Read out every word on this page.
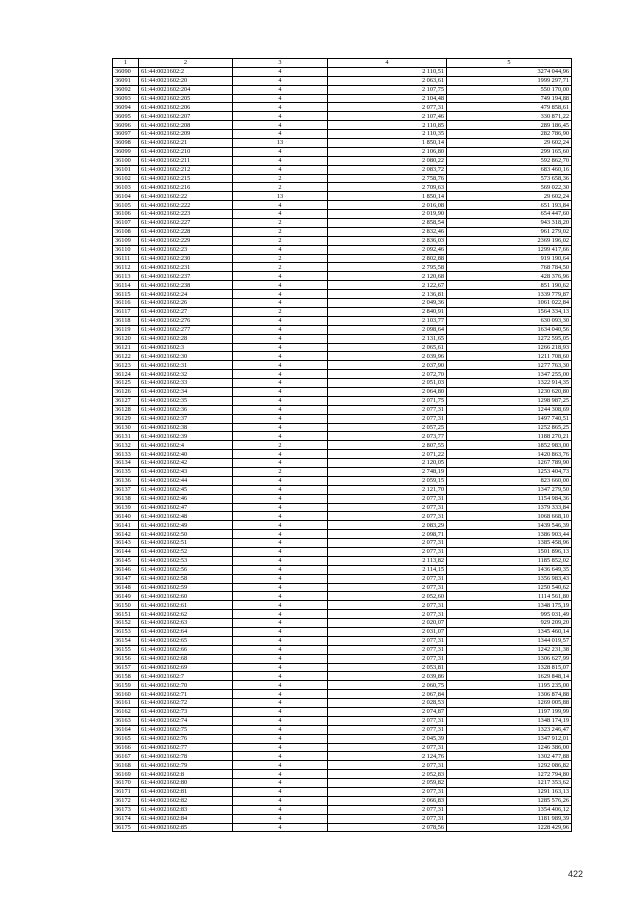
1	2	3	4	5
36090	61:44:0021602:2	4	2 110,51	3274 044,96
36091	61:44:0021602:20	4	2 063,61	1999 297,71
36092	61:44:0021602:204	4	2 107,75	550 170,00
36093	61:44:0021602:205	4	2 104,48	749 194,88
36094	61:44:0021602:206	4	2 077,31	479 858,61
36095	61:44:0021602:207	4	2 107,46	330 871,22
36096	61:44:0021602:208	4	2 110,85	289 186,45
36097	61:44:0021602:209	4	2 110,35	282 786,90
36098	61:44:0021602:21	13	1 850,14	29 602,24
36099	61:44:0021602:210	4	2 106,80	299 165,60
36100	61:44:0021602:211	4	2 080,22	592 862,70
36101	61:44:0021602:212	4	2 083,72	683 460,16
36102	61:44:0021602:215	2	2 758,76	573 658,36
36103	61:44:0021602:216	2	2 709,63	569 022,30
36104	61:44:0021602:22	13	1 850,14	29 602,24
36105	61:44:0021602:222	4	2 016,08	651 193,84
36106	61:44:0021602:223	4	2 019,90	654 447,60
36107	61:44:0021602:227	2	2 858,54	943 318,20
36108	61:44:0021602:228	2	2 832,46	961 279,02
36109	61:44:0021602:229	2	2 836,03	2369 196,02
36110	61:44:0021602:23	4	2 092,46	1299 417,66
36111	61:44:0021602:230	2	2 802,88	919 190,64
36112	61:44:0021602:231	2	2 795,58	768 784,50
36113	61:44:0021602:237	4	2 120,68	428 376,96
36114	61:44:0021602:238	4	2 122,67	851 190,62
36115	61:44:0021602:24	4	2 136,81	1339 779,87
36116	61:44:0021602:26	4	2 049,36	1061 022,84
36117	61:44:0021602:27	2	2 840,91	1564 334,13
36118	61:44:0021602:276	4	2 103,77	630 093,30
36119	61:44:0021602:277	4	2 098,64	1634 040,56
36120	61:44:0021602:28	4	2 131,65	1272 595,05
36121	61:44:0021602:3	4	2 065,61	1266 218,93
36122	61:44:0021602:30	4	2 039,96	1211 708,60
36123	61:44:0021602:31	4	2 037,90	1277 763,30
36124	61:44:0021602:32	4	2 072,70	1347 255,00
36125	61:44:0021602:33	4	2 051,03	1322 914,35
36126	61:44:0021602:34	4	2 064,80	1230 620,80
36127	61:44:0021602:35	4	2 071,75	1298 987,25
36128	61:44:0021602:36	4	2 077,31	1244 308,69
36129	61:44:0021602:37	4	2 077,31	1497 740,51
36130	61:44:0021602:38	4	2 057,25	1252 865,25
36131	61:44:0021602:39	4	2 073,77	1188 270,21
36132	61:44:0021602:4	2	2 807,55	1852 983,00
36133	61:44:0021602:40	4	2 071,22	1420 863,76
36134	61:44:0021602:42	4	2 120,05	1267 789,90
36135	61:44:0021602:43	2	2 748,19	1253 404,73
36136	61:44:0021602:44	4	2 059,15	823 660,00
36137	61:44:0021602:45	4	2 121,70	1347 279,50
36138	61:44:0021602:46	4	2 077,31	1154 984,36
36139	61:44:0021602:47	4	2 077,31	1379 333,84
36140	61:44:0021602:48	4	2 077,31	1068 668,10
36141	61:44:0021602:49	4	2 083,29	1439 546,39
36142	61:44:0021602:50	4	2 098,71	1386 903,44
36143	61:44:0021602:51	4	2 077,31	1385 458,96
36144	61:44:0021602:52	4	2 077,31	1501 896,13
36145	61:44:0021602:53	4	2 113,82	1185 852,02
36146	61:44:0021602:56	4	2 114,15	1436 649,35
36147	61:44:0021602:58	4	2 077,31	1356 983,43
36148	61:44:0021602:59	4	2 077,31	1250 540,62
36149	61:44:0021602:60	4	2 052,60	1114 561,80
36150	61:44:0021602:61	4	2 077,31	1348 175,19
36151	61:44:0021602:62	4	2 077,31	995 031,49
36152	61:44:0021602:63	4	2 020,07	929 209,20
36153	61:44:0021602:64	4	2 031,07	1345 460,14
36154	61:44:0021602:65	4	2 077,31	1344 019,57
36155	61:44:0021602:66	4	2 077,31	1242 231,38
36156	61:44:0021602:68	4	2 077,31	1306 627,99
36157	61:44:0021602:69	4	2 053,81	1328 815,07
36158	61:44:0021602:7	4	2 039,86	1629 848,14
36159	61:44:0021602:70	4	2 060,75	1195 235,00
36160	61:44:0021602:71	4	2 067,84	1306 874,88
36161	61:44:0021602:72	4	2 028,53	1269 005,88
36162	61:44:0021602:73	4	2 074,87	1197 199,99
36163	61:44:0021602:74	4	2 077,31	1348 174,19
36164	61:44:0021602:75	4	2 077,31	1323 246,47
36165	61:44:0021602:76	4	2 045,39	1347 912,01
36166	61:44:0021602:77	4	2 077,31	1246 386,00
36167	61:44:0021602:78	4	2 124,76	1302 477,88
36168	61:44:0021602:79	4	2 077,31	1292 086,82
36169	61:44:0021602:8	4	2 052,83	1272 794,80
36170	61:44:0021602:80	4	2 059,82	1217 353,62
36171	61:44:0021602:81	4	2 077,31	1291 163,13
36172	61:44:0021602:82	4	2 066,83	1285 576,26
36173	61:44:0021602:83	4	2 077,31	1354 406,12
36174	61:44:0021602:84	4	2 077,31	1181 989,39
36175	61:44:0021602:85	4	2 078,56	1228 429,96
422
